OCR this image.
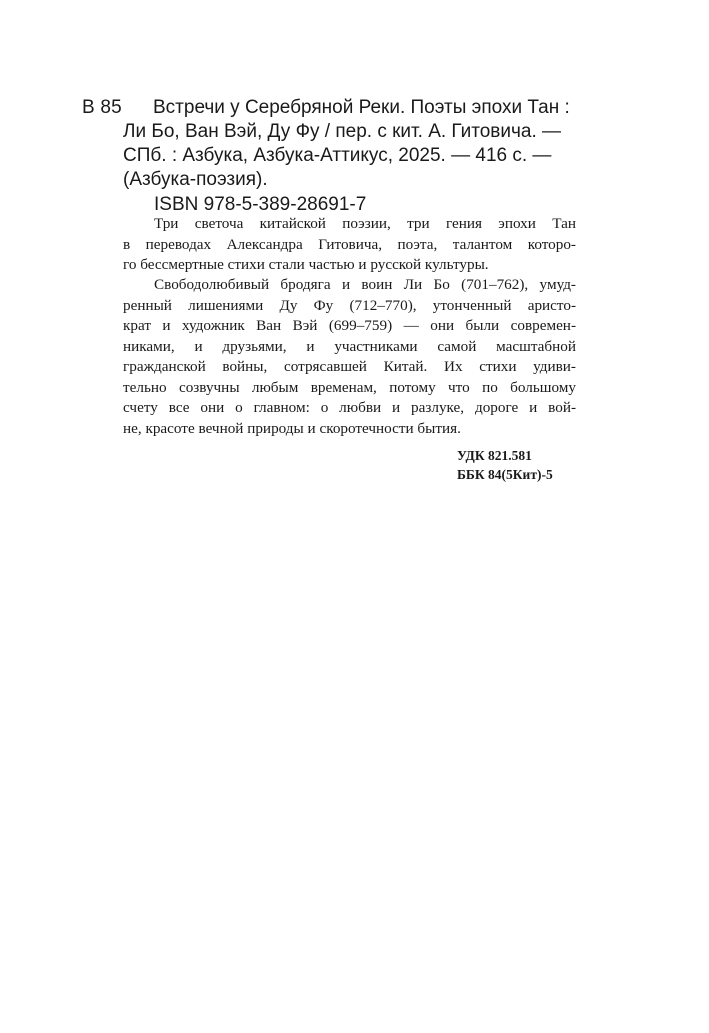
В 85	Встречи у Серебряной Реки. Поэты эпохи Тан :
Ли Бо, Ван Вэй, Ду Фу / пер. с кит. А. Гитовича. —
СПб. : Азбука, Азбука-Аттикус, 2025. — 416 с. —
(Азбука-поэзия).
ISBN 978-5-389-28691-7
Три светоча китайской поэзии, три гения эпохи Тан
в переводах Александра Гитовича, поэта, талантом которо-
го бессмертные стихи стали частью и русской культуры.
Свободолюбивый бродяга и воин Ли Бо (701–762), умуд-
ренный лишениями Ду Фу (712–770), утонченный аристо-
крат и художник Ван Вэй (699–759) — они были современ-
никами, и друзьями, и участниками самой масштабной
гражданской войны, сотрясавшей Китай. Их стихи удиви-
тельно созвучны любым временам, потому что по большому
счету все они о главном: о любви и разлуке, дороге и вой-
не, красоте вечной природы и скоротечности бытия.
УДК 821.581
ББК 84(5Кит)-5
